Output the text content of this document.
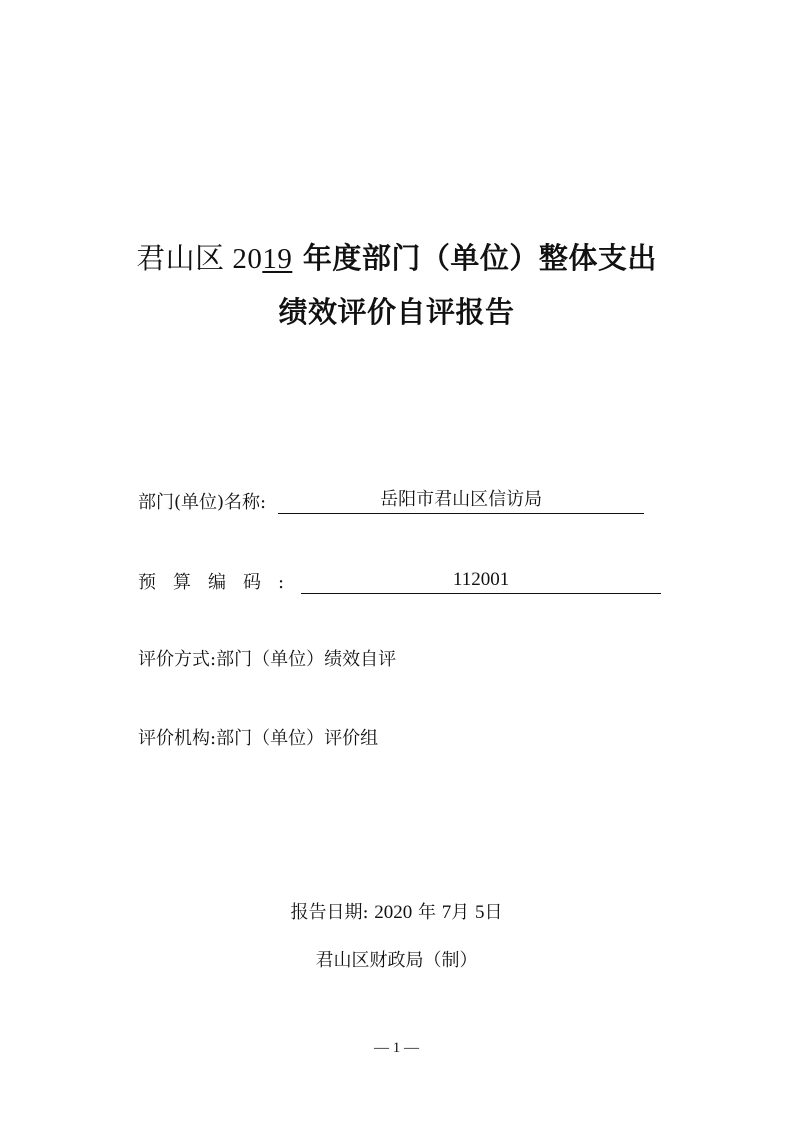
君山区 2019 年度部门（单位）整体支出
绩效评价自评报告
部门(单位)名称:	岳阳市君山区信访局
预算编码:	112001
评价方式: 部门（单位）绩效自评
评价机构: 部门（单位）评价组
报告日期: 2020 年 7月 5日
君山区财政局（制）
— 1 —
